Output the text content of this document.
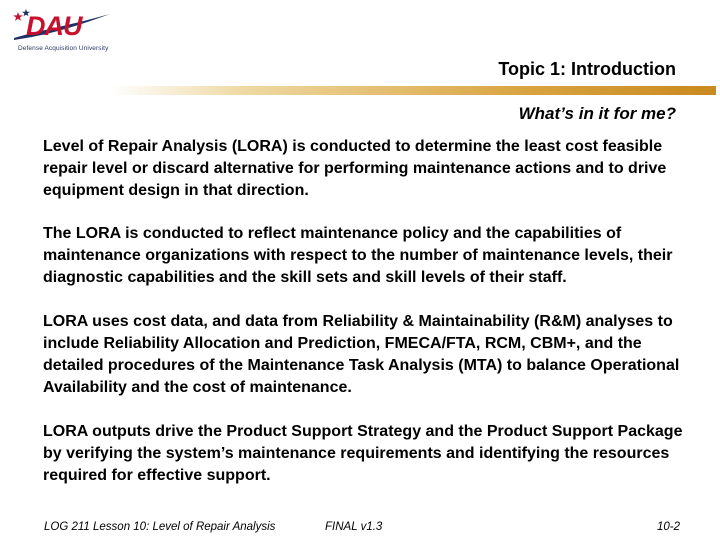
DAU
Defense Acquisition University
Topic 1: Introduction
What’s in it for me?

Level of Repair Analysis (LORA) is conducted to determine the least cost feasible repair level or discard alternative for performing maintenance actions and to drive equipment design in that direction.

The LORA is conducted to reflect maintenance policy and the capabilities of maintenance organizations with respect to the number of maintenance levels, their diagnostic capabilities and the skill sets and skill levels of their staff.

LORA uses cost data, and data from Reliability & Maintainability (R&M) analyses to include Reliability Allocation and Prediction, FMECA/FTA, RCM, CBM+, and the detailed procedures of the Maintenance Task Analysis (MTA) to balance Operational Availability and the cost of maintenance.

LORA outputs drive the Product Support Strategy and the Product Support Package by verifying the system’s maintenance requirements and identifying the resources required for effective support.

LOG 211 Lesson 10: Level of Repair Analysis	FINAL v1.3	10-2
